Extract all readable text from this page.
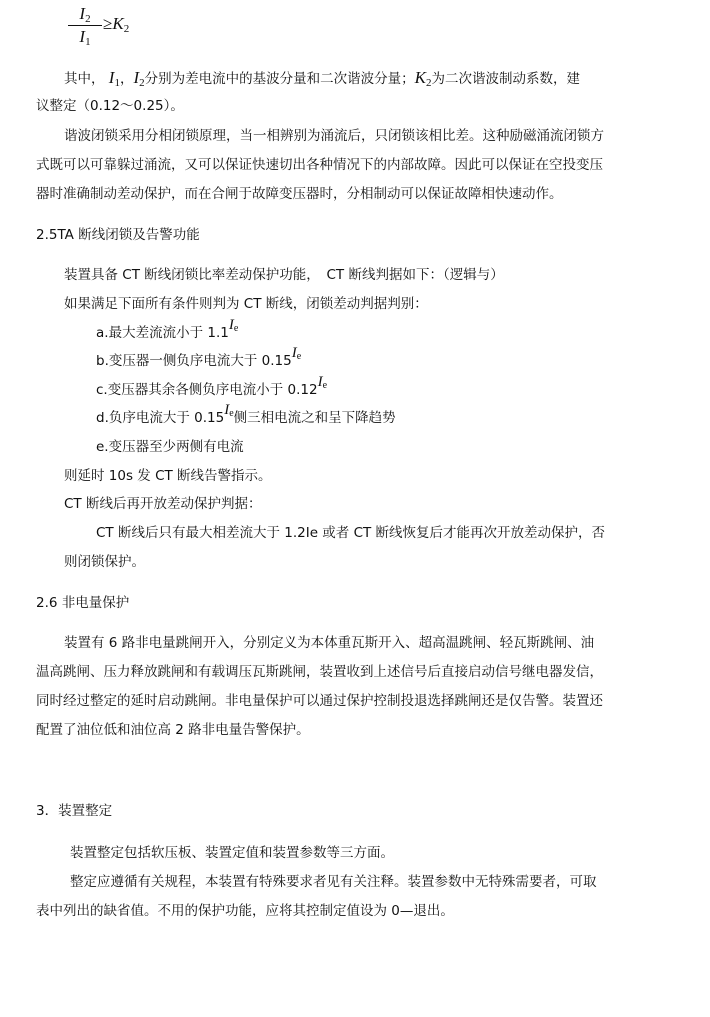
$I_2$
$I_1$
$\ge K_2$
其中， $I_1$，$I_2$分别为差电流中的基波分量和二次谐波分量；$K_2$为二次谐波制动系数，建
议整定（0.12～0.25）。
谐波闭锁采用分相闭锁原理，当一相辨别为涌流后，只闭锁该相比差。这种励磁涌流闭锁方
式既可以可靠躲过涌流，又可以保证快速切出各种情况下的内部故障。因此可以保证在空投变压
器时准确制动差动保护，而在合闸于故障变压器时，分相制动可以保证故障相快速动作。
2.5TA 断线闭锁及告警功能
装置具备 CT 断线闭锁比率差动保护功能，　CT 断线判据如下：（逻辑与）
如果满足下面所有条件则判为 CT 断线，闭锁差动判据判别：
a.最大差流流小于 $1.1I_e$
b.变压器一侧负序电流大于 $0.15I_e$
c.变压器其余各侧负序电流小于 $0.12I_e$
d.负序电流大于 $0.15I_e$侧三相电流之和呈下降趋势
e.变压器至少两侧有电流
则延时 10s 发 CT 断线告警指示。
CT 断线后再开放差动保护判据：
CT 断线后只有最大相差流大于 1.2Ie 或者 CT 断线恢复后才能再次开放差动保护，否
则闭锁保护。
2.6 非电量保护
装置有 6 路非电量跳闸开入，分别定义为本体重瓦斯开入、超高温跳闸、轻瓦斯跳闸、油
温高跳闸、压力释放跳闸和有载调压瓦斯跳闸，装置收到上述信号后直接启动信号继电器发信，
同时经过整定的延时启动跳闸。非电量保护可以通过保护控制投退选择跳闸还是仅告警。装置还
配置了油位低和油位高 2 路非电量告警保护。
3．装置整定
装置整定包括软压板、装置定值和装置参数等三方面。
整定应遵循有关规程，本装置有特殊要求者见有关注释。装置参数中无特殊需要者，可取
表中列出的缺省值。不用的保护功能，应将其控制定值设为 0—退出。
